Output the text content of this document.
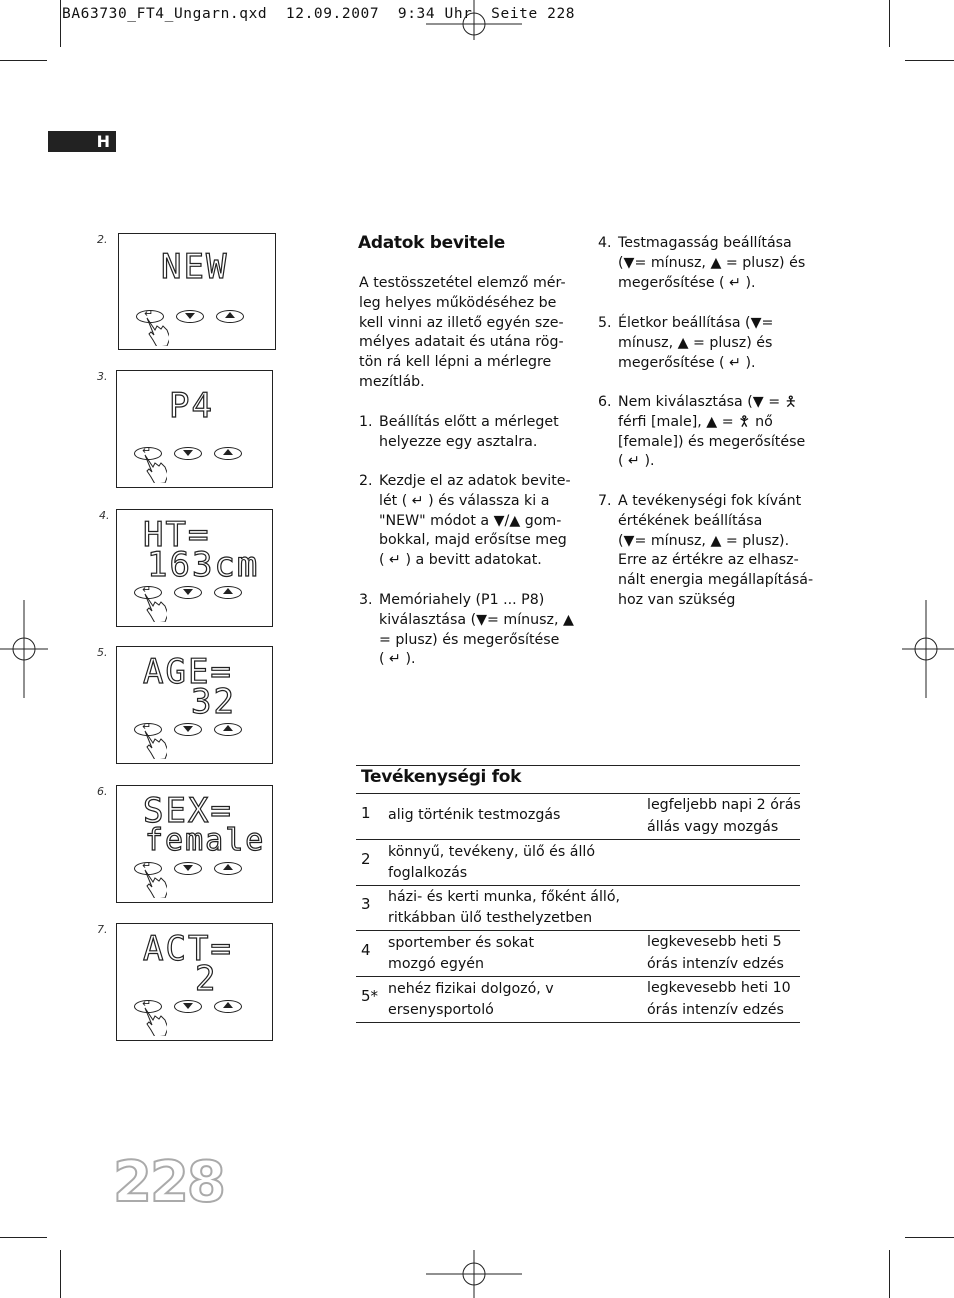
BA63730_FT4_Ungarn.qxd  12.09.2007  9:34 Uhr  Seite 228
H
2.
NEW
↵
3.
P4
↵
4. HT=
163cm
↵
5. AGE=
32
↵
6. SEX=
female
↵
7. ACT=
2
↵
Adatok bevitele
A testösszetétel elemző mér-
leg helyes működéséhez be
kell vinni az illető egyén sze-
mélyes adatait és utána rög-
tön rá kell lépni a mérlegre
mezítláb.
1. Beállítás előtt a mérleget
helyezze egy asztalra.
2. Kezdje el az adatok bevite-
lét ( ↵ ) és válassza ki a
"NEW" módot a ▼/▲ gom-
bokkal, majd erősítse meg
( ↵ ) a bevitt adatokat.
3. Memóriahely (P1 ... P8)
kiválasztása (▼= mínusz, ▲
= plusz) és megerősítése
( ↵ ).
4. Testmagasság beállítása
(▼= mínusz, ▲ = plusz) és
megerősítése ( ↵ ).
5. Életkor beállítása (▼=
mínusz, ▲ = plusz) és
megerősítése ( ↵ ).
6. Nem kiválasztása (▼ = 🯅
férfi [male], ▲ = 🯆 nő
[female]) és megerősítése
( ↵ ).
7. A tevékenységi fok kívánt
értékének beállítása
(▼= mínusz, ▲ = plusz).
Erre az értékre az elhasz-
nált energia megállapításá-
hoz van szükség
Tevékenységi fok
1 alig történik testmozgás
legfeljebb napi 2 órás
állás vagy mozgás
2 könnyű, tevékeny, ülő és álló
foglalkozás
3 házi- és kerti munka, főként álló,
ritkábban ülő testhelyzetben
4 sportember és sokat
mozgó egyén
legkevesebb heti 5
órás intenzív edzés
5* nehéz fizikai dolgozó, v
ersenysportoló
legkevesebb heti 10
órás intenzív edzés
228
